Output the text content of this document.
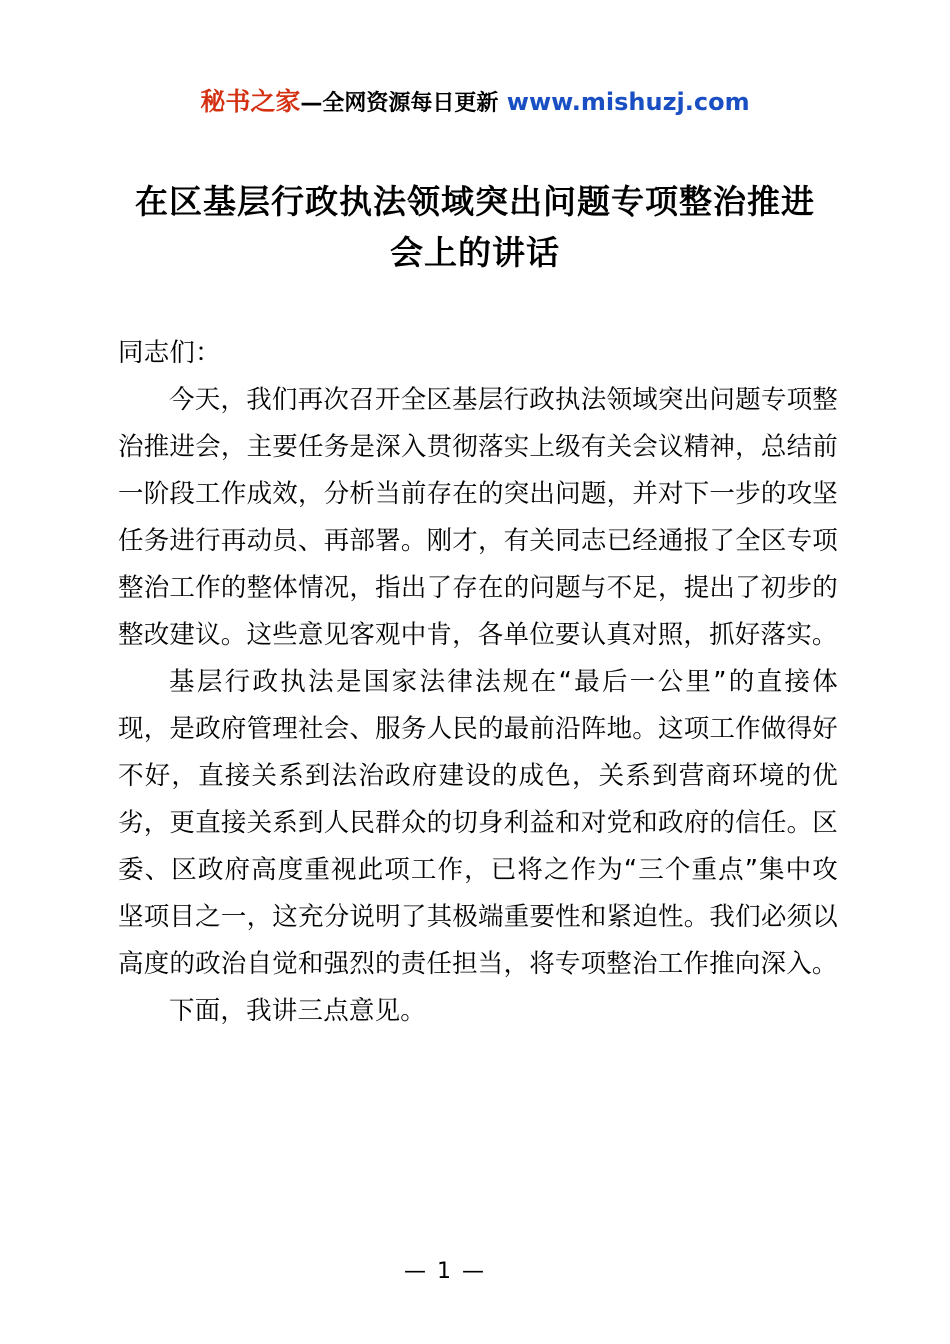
秘书之家—全网资源每日更新 www.mishuzj.com
在区基层行政执法领域突出问题专项整治推进会上的讲话

同志们：

今天，我们再次召开全区基层行政执法领域突出问题专项整治推进会，主要任务是深入贯彻落实上级有关会议精神，总结前一阶段工作成效，分析当前存在的突出问题，并对下一步的攻坚任务进行再动员、再部署。刚才，有关同志已经通报了全区专项整治工作的整体情况，指出了存在的问题与不足，提出了初步的整改建议。这些意见客观中肯，各单位要认真对照，抓好落实。

基层行政执法是国家法律法规在“最后一公里”的直接体现，是政府管理社会、服务人民的最前沿阵地。这项工作做得好不好，直接关系到法治政府建设的成色，关系到营商环境的优劣，更直接关系到人民群众的切身利益和对党和政府的信任。区委、区政府高度重视此项工作，已将之作为“三个重点”集中攻坚项目之一，这充分说明了其极端重要性和紧迫性。我们必须以高度的政治自觉和强烈的责任担当，将专项整治工作推向深入。

下面，我讲三点意见。

— 1 —
